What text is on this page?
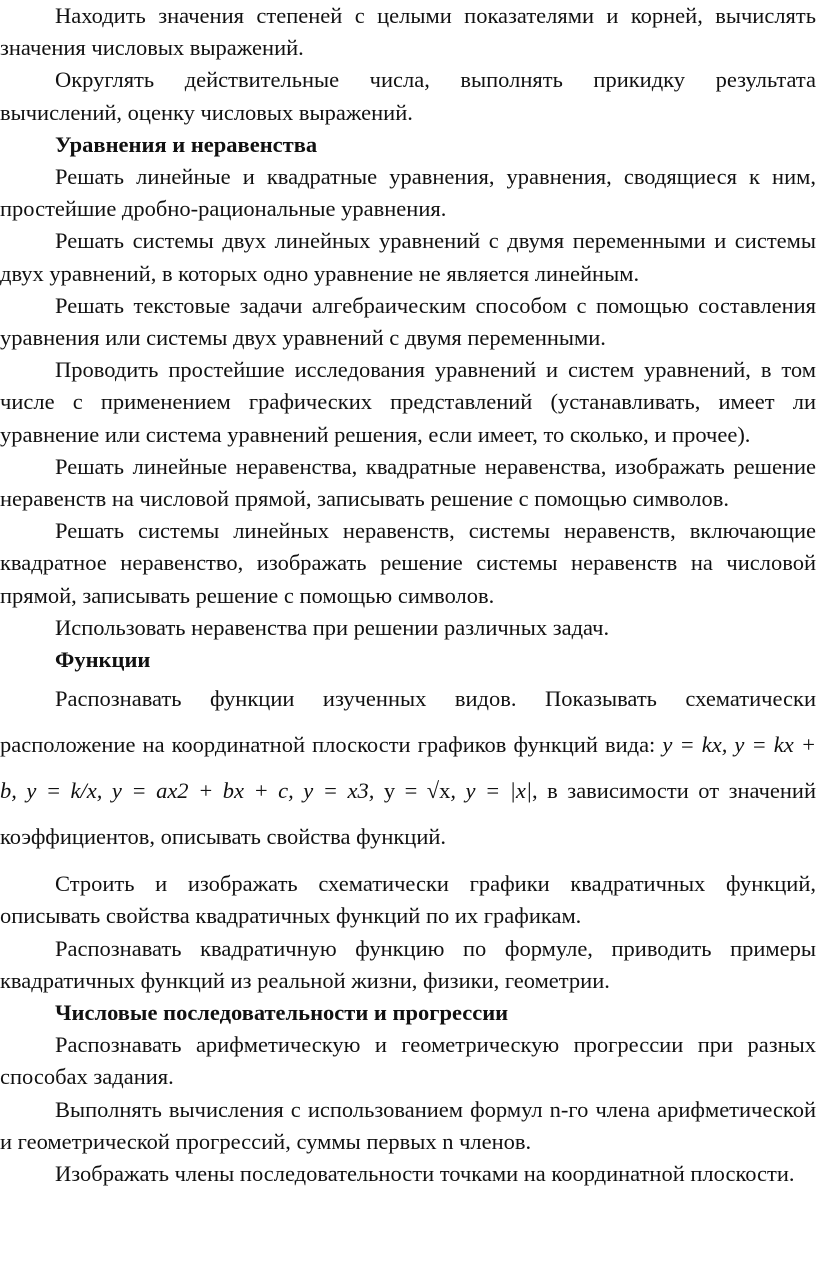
Находить значения степеней с целыми показателями и корней, вычислять значения числовых выражений.

Округлять действительные числа, выполнять прикидку результата вычислений, оценку числовых выражений.

Уравнения и неравенства

Решать линейные и квадратные уравнения, уравнения, сводящиеся к ним, простейшие дробно-рациональные уравнения.

Решать системы двух линейных уравнений с двумя переменными и системы двух уравнений, в которых одно уравнение не является линейным.

Решать текстовые задачи алгебраическим способом с помощью составления уравнения или системы двух уравнений с двумя переменными.

Проводить простейшие исследования уравнений и систем уравнений, в том числе с применением графических представлений (устанавливать, имеет ли уравнение или система уравнений решения, если имеет, то сколько, и прочее).

Решать линейные неравенства, квадратные неравенства, изображать решение неравенств на числовой прямой, записывать решение с помощью символов.

Решать системы линейных неравенств, системы неравенств, включающие квадратное неравенство, изображать решение системы неравенств на числовой прямой, записывать решение с помощью символов.

Использовать неравенства при решении различных задач.

Функции

Распознавать функции изученных видов. Показывать схематически расположение на координатной плоскости графиков функций вида: y = kx, y = kx + b, y = k/x, y = ax2 + bx + c, y = x3, у = √х, y = |x|, в зависимости от значений коэффициентов, описывать свойства функций.

Строить и изображать схематически графики квадратичных функций, описывать свойства квадратичных функций по их графикам.

Распознавать квадратичную функцию по формуле, приводить примеры квадратичных функций из реальной жизни, физики, геометрии.

Числовые последовательности и прогрессии

Распознавать арифметическую и геометрическую прогрессии при разных способах задания.

Выполнять вычисления с использованием формул n-го члена арифметической и геометрической прогрессий, суммы первых n членов.

Изображать члены последовательности точками на координатной плоскости.
